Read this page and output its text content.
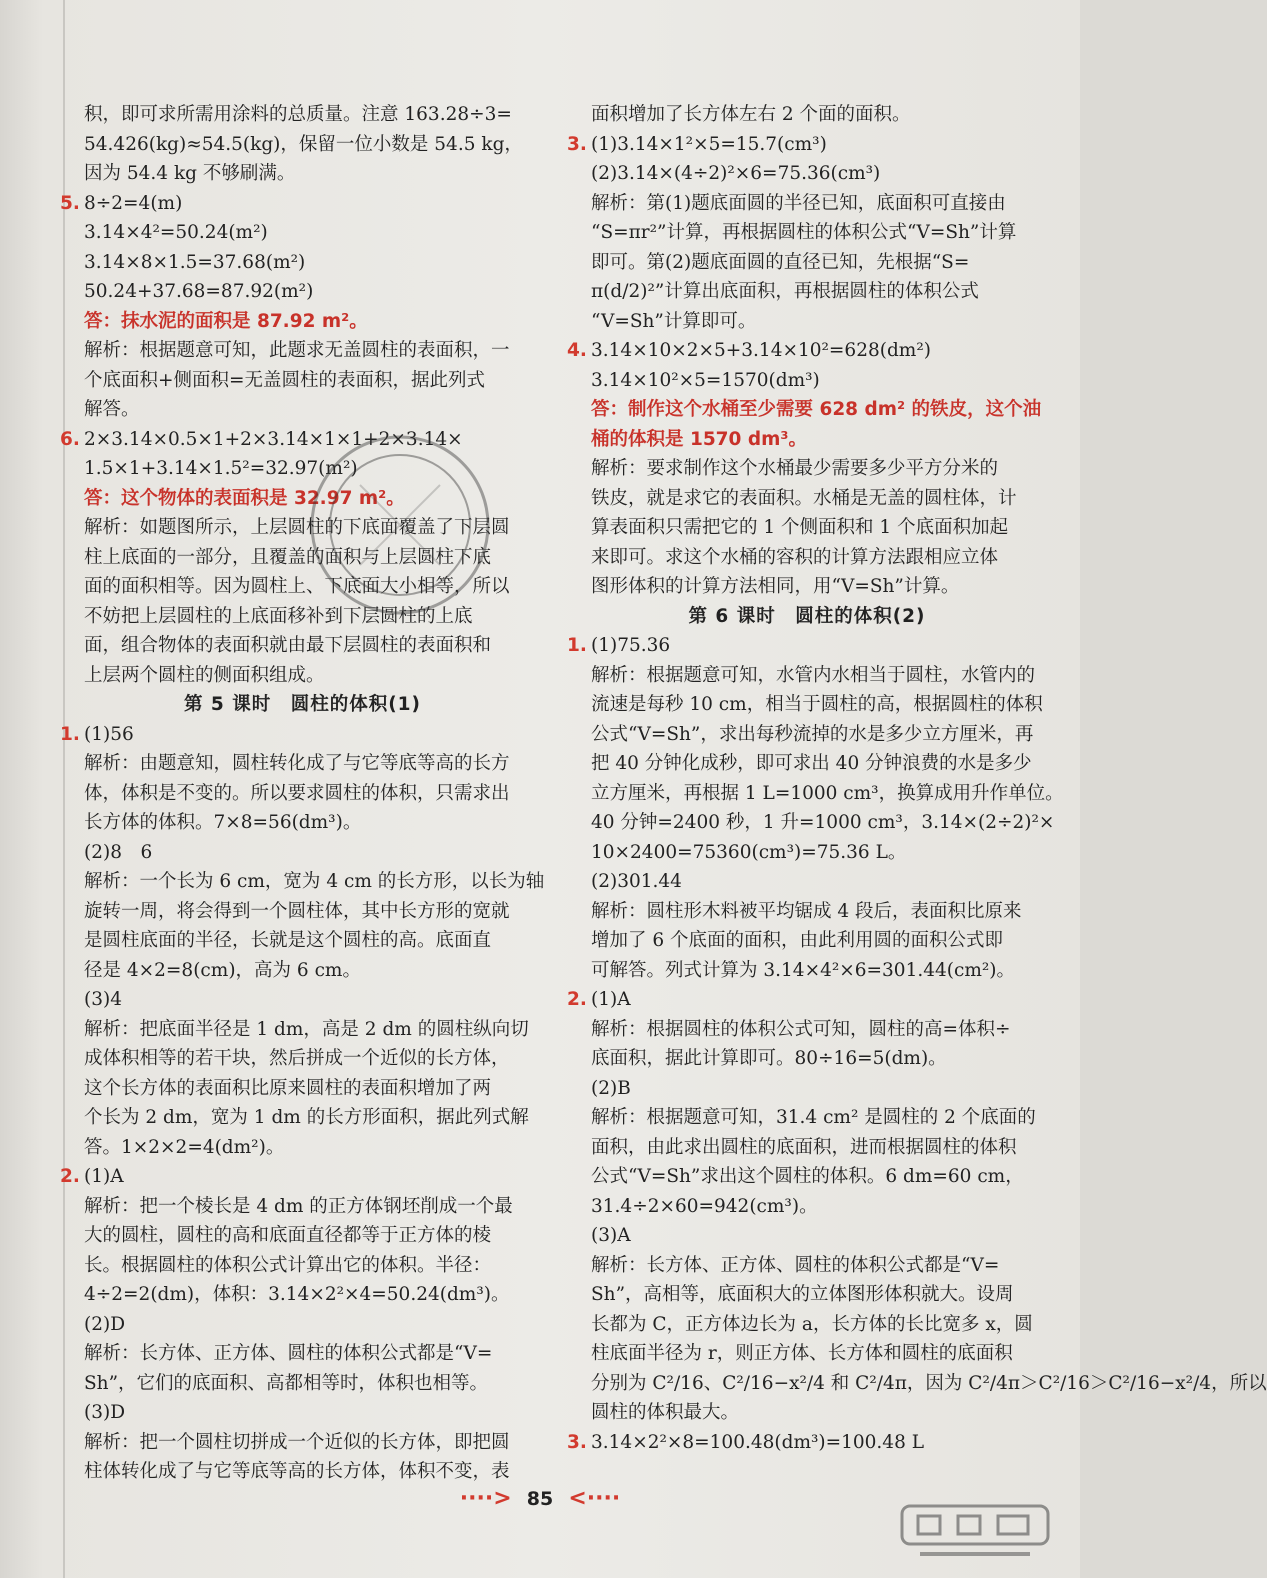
积，即可求所需用涂料的总质量。注意 163.28÷3=
54.426(kg)≈54.5(kg)，保留一位小数是 54.5 kg，
因为 54.4 kg 不够刷满。
5. 8÷2=4(m)
3.14×4²=50.24(m²)
3.14×8×1.5=37.68(m²)
50.24+37.68=87.92(m²)
答：抹水泥的面积是 87.92 m²。
解析：根据题意可知，此题求无盖圆柱的表面积，一
个底面积+侧面积=无盖圆柱的表面积，据此列式
解答。
6. 2×3.14×0.5×1+2×3.14×1×1+2×3.14×
1.5×1+3.14×1.5²=32.97(m²)
答：这个物体的表面积是 32.97 m²。
解析：如题图所示，上层圆柱的下底面覆盖了下层圆
柱上底面的一部分，且覆盖的面积与上层圆柱下底
面的面积相等。因为圆柱上、下底面大小相等，所以
不妨把上层圆柱的上底面移补到下层圆柱的上底
面，组合物体的表面积就由最下层圆柱的表面积和
上层两个圆柱的侧面积组成。
第 5 课时　圆柱的体积(1)
1. (1)56
解析：由题意知，圆柱转化成了与它等底等高的长方
体，体积是不变的。所以要求圆柱的体积，只需求出
长方体的体积。7×8=56(dm³)。
(2)8　6
解析：一个长为 6 cm，宽为 4 cm 的长方形，以长为轴
旋转一周，将会得到一个圆柱体，其中长方形的宽就
是圆柱底面的半径，长就是这个圆柱的高。底面直
径是 4×2=8(cm)，高为 6 cm。
(3)4
解析：把底面半径是 1 dm，高是 2 dm 的圆柱纵向切
成体积相等的若干块，然后拼成一个近似的长方体，
这个长方体的表面积比原来圆柱的表面积增加了两
个长为 2 dm，宽为 1 dm 的长方形面积，据此列式解
答。1×2×2=4(dm²)。
2. (1)A
解析：把一个棱长是 4 dm 的正方体钢坯削成一个最
大的圆柱，圆柱的高和底面直径都等于正方体的棱
长。根据圆柱的体积公式计算出它的体积。半径：
4÷2=2(dm)，体积：3.14×2²×4=50.24(dm³)。
(2)D
解析：长方体、正方体、圆柱的体积公式都是“V=
Sh”，它们的底面积、高都相等时，体积也相等。
(3)D
解析：把一个圆柱切拼成一个近似的长方体，即把圆
柱体转化成了与它等底等高的长方体，体积不变，表
面积增加了长方体左右 2 个面的面积。
3. (1)3.14×1²×5=15.7(cm³)
(2)3.14×(4÷2)²×6=75.36(cm³)
解析：第(1)题底面圆的半径已知，底面积可直接由
“S=πr²”计算，再根据圆柱的体积公式“V=Sh”计算
即可。第(2)题底面圆的直径已知，先根据“S=
π(d/2)²”计算出底面积，再根据圆柱的体积公式
“V=Sh”计算即可。
4. 3.14×10×2×5+3.14×10²=628(dm²)
3.14×10²×5=1570(dm³)
答：制作这个水桶至少需要 628 dm² 的铁皮，这个油
桶的体积是 1570 dm³。
解析：要求制作这个水桶最少需要多少平方分米的
铁皮，就是求它的表面积。水桶是无盖的圆柱体，计
算表面积只需把它的 1 个侧面积和 1 个底面积加起
来即可。求这个水桶的容积的计算方法跟相应立体
图形体积的计算方法相同，用“V=Sh”计算。
第 6 课时　圆柱的体积(2)
1. (1)75.36
解析：根据题意可知，水管内水相当于圆柱，水管内的
流速是每秒 10 cm，相当于圆柱的高，根据圆柱的体积
公式“V=Sh”，求出每秒流掉的水是多少立方厘米，再
把 40 分钟化成秒，即可求出 40 分钟浪费的水是多少
立方厘米，再根据 1 L=1000 cm³，换算成用升作单位。
40 分钟=2400 秒，1 升=1000 cm³，3.14×(2÷2)²×
10×2400=75360(cm³)=75.36 L。
(2)301.44
解析：圆柱形木料被平均锯成 4 段后，表面积比原来
增加了 6 个底面的面积，由此利用圆的面积公式即
可解答。列式计算为 3.14×4²×6=301.44(cm²)。
2. (1)A
解析：根据圆柱的体积公式可知，圆柱的高=体积÷
底面积，据此计算即可。80÷16=5(dm)。
(2)B
解析：根据题意可知，31.4 cm² 是圆柱的 2 个底面的
面积，由此求出圆柱的底面积，进而根据圆柱的体积
公式“V=Sh”求出这个圆柱的体积。6 dm=60 cm，
31.4÷2×60=942(cm³)。
(3)A
解析：长方体、正方体、圆柱的体积公式都是“V=
Sh”，高相等，底面积大的立体图形体积就大。设周
长都为 C，正方体边长为 a，长方体的长比宽多 x，圆
柱底面半径为 r，则正方体、长方体和圆柱的底面积
分别为 C²/16、C²/16−x²/4 和 C²/4π，因为 C²/4π＞C²/16＞C²/16−x²/4，所以
圆柱的体积最大。
3. 3.14×2²×8=100.48(dm³)=100.48 L
····> 85 <····
